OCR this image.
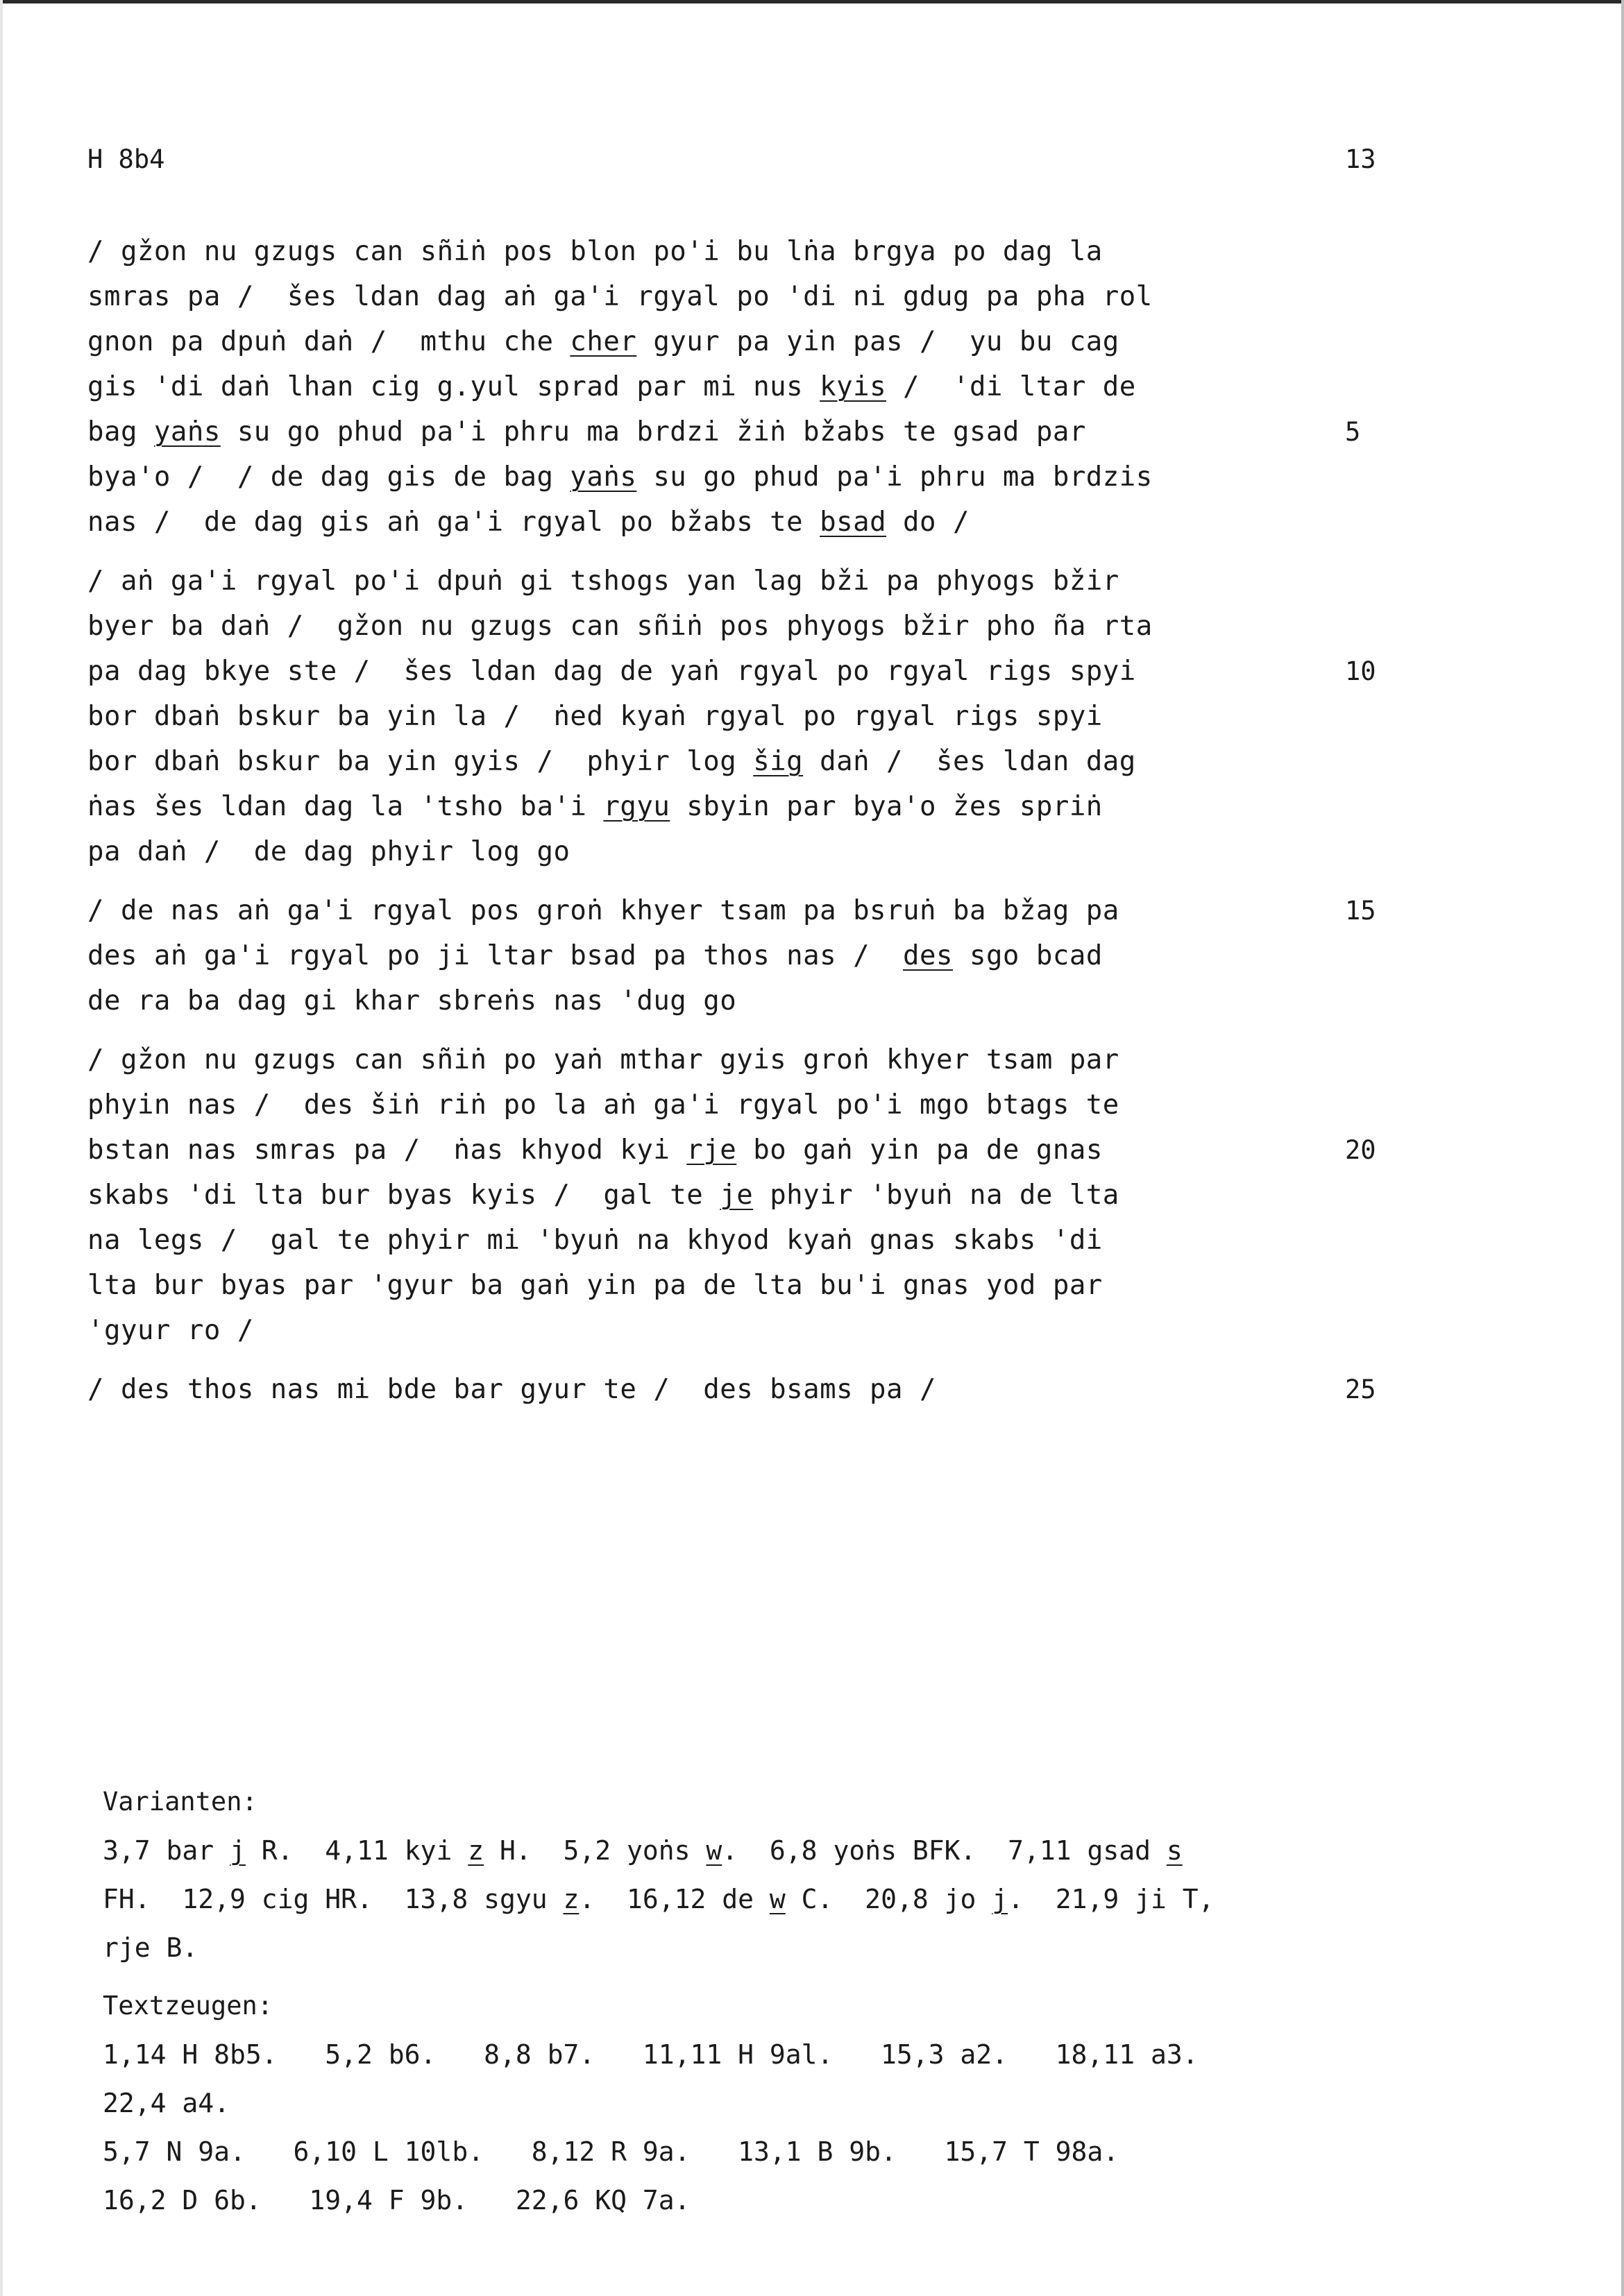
H 8b4	13
/ gžon nu gzugs can sñiṅ pos blon po'i bu lṅa brgya po dag la
smras pa /  šes ldan dag aṅ ga'i rgyal po 'di ni gdug pa pha rol
gnon pa dpuṅ daṅ /  mthu che cher gyur pa yin pas /  yu bu cag
gis 'di daṅ lhan cig g.yul sprad par mi nus kyis /  'di ltar de
bag yaṅs su go phud pa'i phru ma brdzi žiṅ bžabs te gsad par	5
bya'o /  / de dag gis de bag yaṅs su go phud pa'i phru ma brdzis
nas /  de dag gis aṅ ga'i rgyal po bžabs te bsad do /
/ aṅ ga'i rgyal po'i dpuṅ gi tshogs yan lag bži pa phyogs bžir
byer ba daṅ /  gžon nu gzugs can sñiṅ pos phyogs bžir pho ña rta
pa dag bkye ste /  šes ldan dag de yaṅ rgyal po rgyal rigs spyi	10
bor dbaṅ bskur ba yin la /  ṅed kyaṅ rgyal po rgyal rigs spyi
bor dbaṅ bskur ba yin gyis /  phyir log šig daṅ /  šes ldan dag
ṅas šes ldan dag la 'tsho ba'i rgyu sbyin par bya'o žes spriṅ
pa daṅ /  de dag phyir log go
/ de nas aṅ ga'i rgyal pos groṅ khyer tsam pa bsruṅ ba bžag pa	15
des aṅ ga'i rgyal po ji ltar bsad pa thos nas /  des sgo bcad
de ra ba dag gi khar sbreṅs nas 'dug go
/ gžon nu gzugs can sñiṅ po yaṅ mthar gyis groṅ khyer tsam par
phyin nas /  des šiṅ riṅ po la aṅ ga'i rgyal po'i mgo btags te
bstan nas smras pa /  ṅas khyod kyi rje bo gaṅ yin pa de gnas	20
skabs 'di lta bur byas kyis /  gal te je phyir 'byuṅ na de lta
na legs /  gal te phyir mi 'byuṅ na khyod kyaṅ gnas skabs 'di
lta bur byas par 'gyur ba gaṅ yin pa de lta bu'i gnas yod par
'gyur ro /
/ des thos nas mi bde bar gyur te /  des bsams pa /	25
Varianten:
3,7 bar j R.  4,11 kyi z H.  5,2 yoṅs w.  6,8 yoṅs BFK.  7,11 gsad s
FH.  12,9 cig HR.  13,8 sgyu z.  16,12 de w C.  20,8 jo j.  21,9 ji T,
rje B.
Textzeugen:
1,14 H 8b5.   5,2 b6.   8,8 b7.   11,11 H 9al.   15,3 a2.   18,11 a3.
22,4 a4.
5,7 N 9a.   6,10 L 10lb.   8,12 R 9a.   13,1 B 9b.   15,7 T 98a.
16,2 D 6b.   19,4 F 9b.   22,6 KQ 7a.
